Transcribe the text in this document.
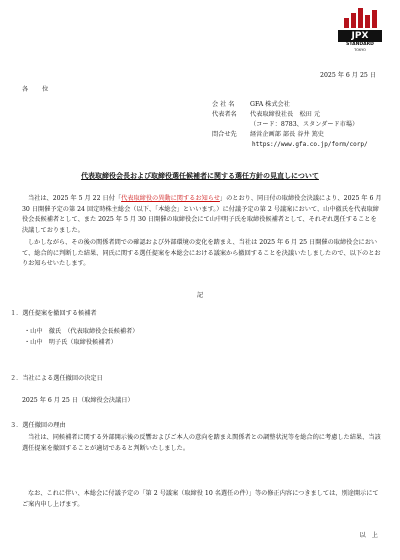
JPX
STANDARD
TOKYO
2025 年 6 月 25 日
各 位
会 社 名	GFA 株式会社
代表者名 代表取締役社長　松田 元
（コード：8783、スタンダード市場）
問合せ先 経営企画部 部長 谷井 篤史
https://www.gfa.co.jp/form/corp/
代表取締役会長および取締役選任候補者に関する選任方針の見直しについて
当社は、2025 年 5 月 22 日付「代表取締役の異動に関するお知らせ」のとおり、同日付の取締役会決議により、2025 年 6 月 30 日開催予定の第 24 回定時株主総会（以下、「本総会」といいます。）に付議予定の第 2 号議案において、山中徹氏を代表取締役会長候補者として、また 2025 年 5 月 30 日開催の取締役会にて山中明子氏を取締役候補者として、それぞれ選任することを決議しておりました。
しかしながら、その後の関係者間での確認および外部環境の変化を踏まえ、当社は 2025 年 6 月 25 日開催の取締役会において、総合的に判断した結果、同氏に関する選任提案を本総会における議案から撤回することを決議いたしましたので、以下のとおりお知らせいたします。
記
１．選任提案を撤回する候補者
・山中　徹氏　（代表取締役会長候補者）
・山中　明子氏（取締役候補者）
２．当社による選任撤回の決定日
2025 年 6 月 25 日（取締役会決議日）
３．選任撤回の理由
当社は、同候補者に関する外部開示後の反響およびご本人の意向を踏まえ関係者との調整状況等を総合的に考慮した結果、当該選任提案を撤回することが適切であると判断いたしました。
なお、これに伴い、本総会に付議予定の「第 2 号議案（取締役 10 名選任の件）」等の修正内容につきましては、別途開示にてご案内申し上げます。
以　上
